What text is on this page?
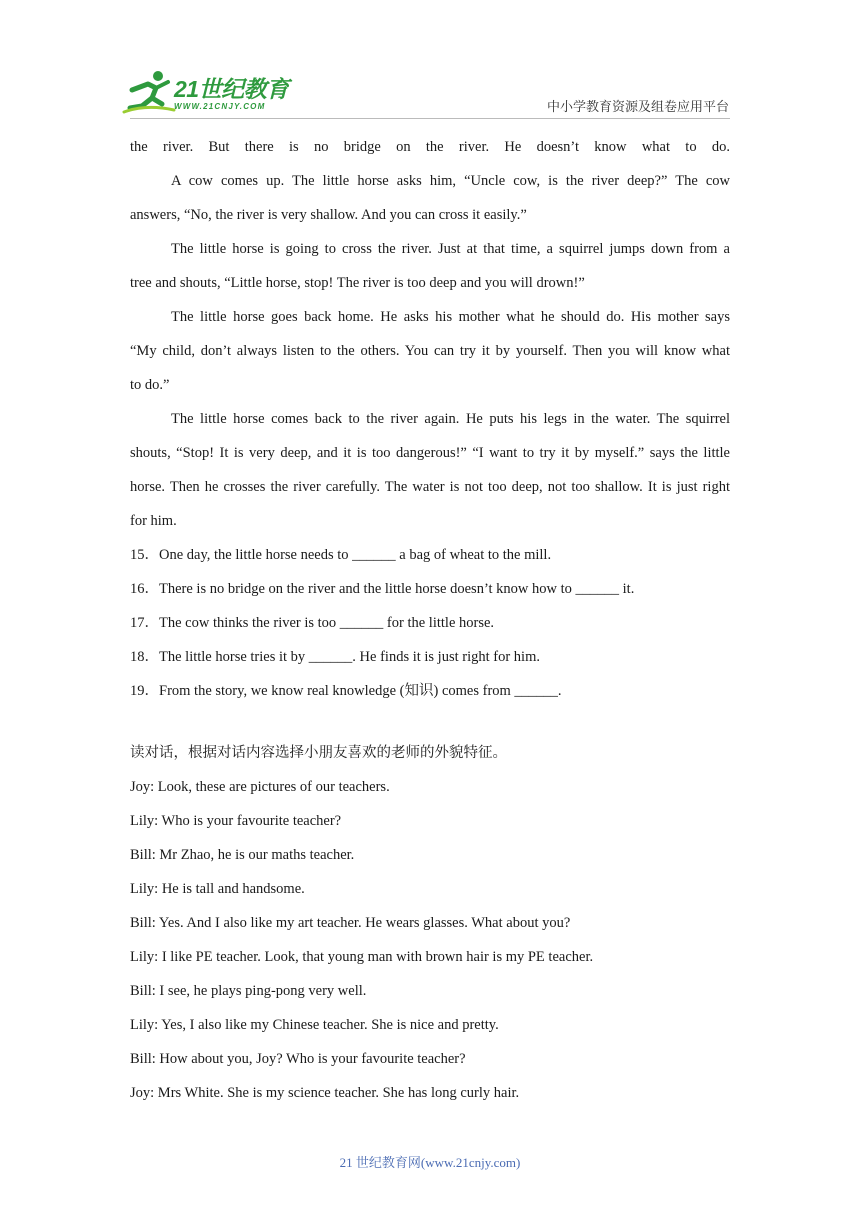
21世纪教育
WWW.21CNJY.COM	中小学教育资源及组卷应用平台
the river. But there is no bridge on the river. He doesn’t know what to do.
A cow comes up. The little horse asks him, “Uncle cow, is the river deep?” The cow
answers, “No, the river is very shallow. And you can cross it easily.”
The little horse is going to cross the river. Just at that time, a squirrel jumps down from a
tree and shouts, “Little horse, stop! The river is too deep and you will drown!”
The little horse goes back home. He asks his mother what he should do. His mother says
“My child, don’t always listen to the others. You can try it by yourself. Then you will know what
to do.”
The little horse comes back to the river again. He puts his legs in the water. The squirrel
shouts, “Stop! It is very deep, and it is too dangerous!” “I want to try it by myself.” says the little
horse. Then he crosses the river carefully. The water is not too deep, not too shallow. It is just right
for him.
15．One day, the little horse needs to ______ a bag of wheat to the mill.
16．There is no bridge on the river and the little horse doesn’t know how to ______ it.
17．The cow thinks the river is too ______ for the little horse.
18．The little horse tries it by ______. He finds it is just right for him.
19．From the story, we know real knowledge (知识) comes from ______.
读对话，根据对话内容选择小朋友喜欢的老师的外貌特征。
Joy: Look, these are pictures of our teachers.
Lily: Who is your favourite teacher?
Bill: Mr Zhao, he is our maths teacher.
Lily: He is tall and handsome.
Bill: Yes. And I also like my art teacher. He wears glasses. What about you?
Lily: I like PE teacher. Look, that young man with brown hair is my PE teacher.
Bill: I see, he plays ping-pong very well.
Lily: Yes, I also like my Chinese teacher. She is nice and pretty.
Bill: How about you, Joy? Who is your favourite teacher?
Joy: Mrs White. She is my science teacher. She has long curly hair.
21 世纪教育网(www.21cnjy.com)
